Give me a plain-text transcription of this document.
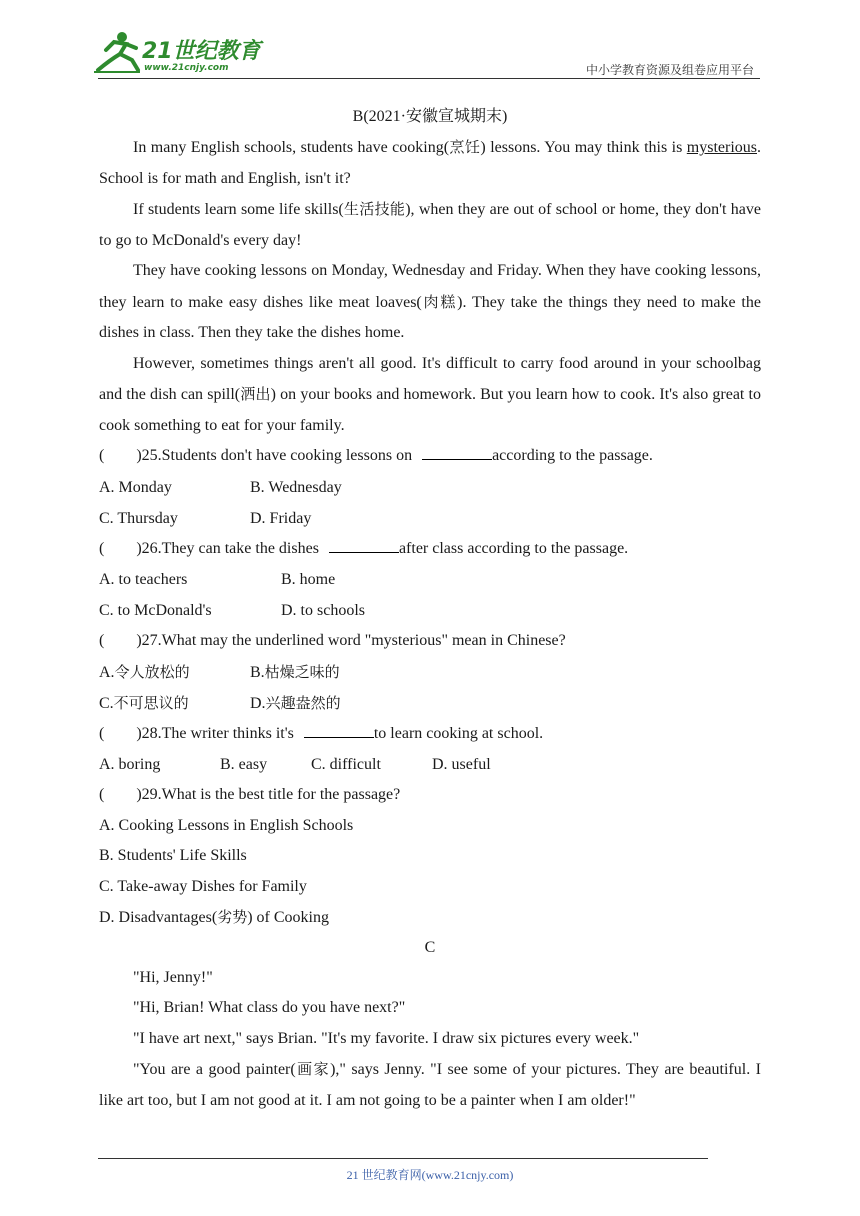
21世纪教育
www.21cnjy.com	中小学教育资源及组卷应用平台
B(2021·安徽宣城期末)

In many English schools, students have cooking(烹饪) lessons. You may think this is mysterious. School is for math and English, isn't it?

If students learn some life skills(生活技能), when they are out of school or home, they don't have to go to McDonald's every day!

They have cooking lessons on Monday, Wednesday and Friday. When they have cooking lessons, they learn to make easy dishes like meat loaves(肉糕). They take the things they need to make the dishes in class. Then they take the dishes home.

However, sometimes things aren't all good. It's difficult to carry food around in your schoolbag and the dish can spill(洒出) on your books and homework. But you learn how to cook. It's also great to cook something to eat for your family.

(        )25.Students don't have cooking lessons on	according to the passage.
A. Monday	B. Wednesday
C. Thursday	D. Friday
(        )26.They can take the dishes	after class according to the passage.
A. to teachers	B. home
C. to McDonald's	D. to schools
(        )27.What may the underlined word "mysterious" mean in Chinese?
A.令人放松的	B.枯燥乏味的
C.不可思议的	D.兴趣盎然的
(        )28.The writer thinks it's	to learn cooking at school.
A. boring	B. easy	C. difficult	D. useful
(        )29.What is the best title for the passage?
A. Cooking Lessons in English Schools
B. Students' Life Skills
C. Take-away Dishes for Family
D. Disadvantages(劣势) of Cooking
C

"Hi, Jenny!"

"Hi, Brian! What class do you have next?"

"I have art next," says Brian. "It's my favorite. I draw six pictures every week."

"You are a good painter(画家)," says Jenny. "I see some of your pictures. They are beautiful. I like art too, but I am not good at it. I am not going to be a painter when I am older!"

21 世纪教育网(www.21cnjy.com)
